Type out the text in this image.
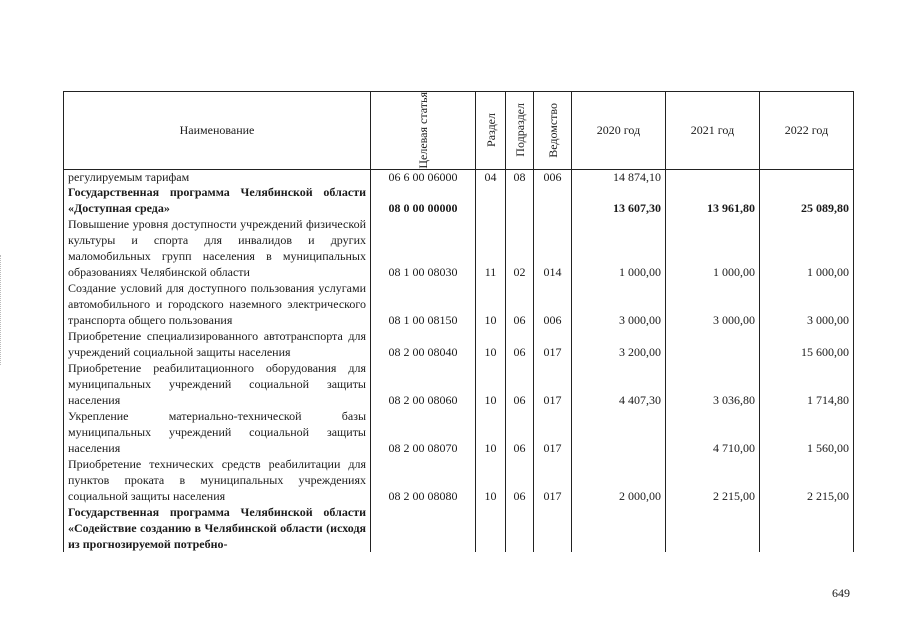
Наименование	Целевая статья	Раздел	Подраздел	Ведомство	2020 год	2021 год	2022 год
регулируемым тарифам	06 6 00 06000	04	08	006	14 874,10		
Государственная программа Челябинской области «Доступная среда»	08 0 00 00000				13 607,30	13 961,80	25 089,80
Повышение уровня доступности учреждений физической культуры и спорта для инвалидов и других маломобильных групп населения в муниципальных образованиях Челябинской области	08 1 00 08030	11	02	014	1 000,00	1 000,00	1 000,00
Создание условий для доступного пользования услугами автомобильного и городского наземного электрического транспорта общего пользования	08 1 00 08150	10	06	006	3 000,00	3 000,00	3 000,00
Приобретение специализированного автотранспорта для учреждений социальной защиты населения	08 2 00 08040	10	06	017	3 200,00		15 600,00
Приобретение реабилитационного оборудования для муниципальных учреждений социальной защиты населения	08 2 00 08060	10	06	017	4 407,30	3 036,80	1 714,80
Укрепление материально-технической базы муниципальных учреждений социальной защиты населения	08 2 00 08070	10	06	017		4 710,00	1 560,00
Приобретение технических средств реабилитации для пунктов проката в муниципальных учреждениях социальной защиты населения	08 2 00 08080	10	06	017	2 000,00	2 215,00	2 215,00
Государственная программа Челябинской области «Содействие созданию в Челябинской области (исходя из прогнозируемой потребно-							
649
